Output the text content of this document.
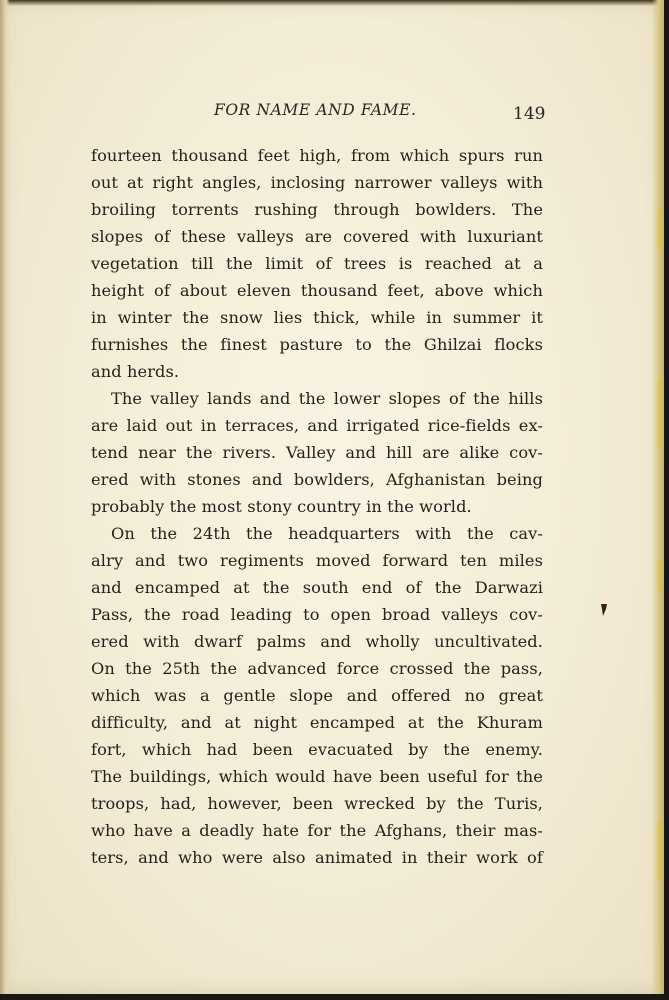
FOR NAME AND FAME.	149
fourteen thousand feet high, from which spurs run
out at right angles, inclosing narrower valleys with
broiling torrents rushing through bowlders. The
slopes of these valleys are covered with luxuriant
vegetation till the limit of trees is reached at a
height of about eleven thousand feet, above which
in winter the snow lies thick, while in summer it
furnishes the finest pasture to the Ghilzai flocks
and herds.
The valley lands and the lower slopes of the hills
are laid out in terraces, and irrigated rice-fields ex-
tend near the rivers. Valley and hill are alike cov-
ered with stones and bowlders, Afghanistan being
probably the most stony country in the world.
On the 24th the headquarters with the cav-
alry and two regiments moved forward ten miles
and encamped at the south end of the Darwazi
Pass, the road leading to open broad valleys cov-
ered with dwarf palms and wholly uncultivated.
On the 25th the advanced force crossed the pass,
which was a gentle slope and offered no great
difficulty, and at night encamped at the Khuram
fort, which had been evacuated by the enemy.
The buildings, which would have been useful for the
troops, had, however, been wrecked by the Turis,
who have a deadly hate for the Afghans, their mas-
ters, and who were also animated in their work of
